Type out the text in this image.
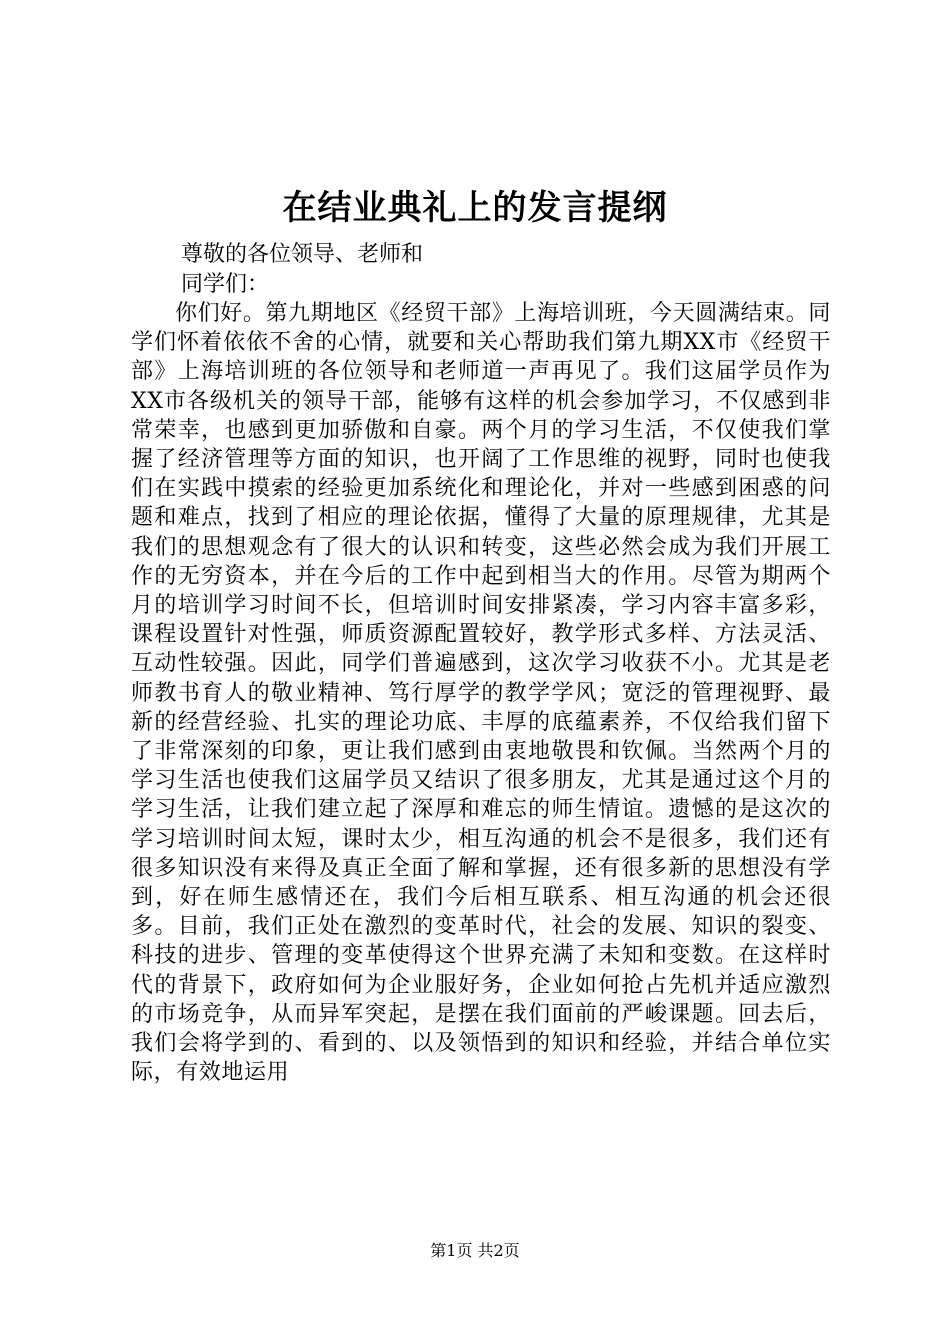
在结业典礼上的发言提纲

尊敬的各位领导、老师和

同学们：

你们好。第九期地区《经贸干部》上海培训班，今天圆满结束。同学们怀着依依不舍的心情，就要和关心帮助我们第九期XX市《经贸干部》上海培训班的各位领导和老师道一声再见了。我们这届学员作为XX市各级机关的领导干部，能够有这样的机会参加学习，不仅感到非常荣幸，也感到更加骄傲和自豪。两个月的学习生活，不仅使我们掌握了经济管理等方面的知识，也开阔了工作思维的视野，同时也使我们在实践中摸索的经验更加系统化和理论化，并对一些感到困惑的问题和难点，找到了相应的理论依据，懂得了大量的原理规律，尤其是我们的思想观念有了很大的认识和转变，这些必然会成为我们开展工作的无穷资本，并在今后的工作中起到相当大的作用。尽管为期两个月的培训学习时间不长，但培训时间安排紧凑，学习内容丰富多彩，课程设置针对性强，师质资源配置较好，教学形式多样、方法灵活、互动性较强。因此，同学们普遍感到，这次学习收获不小。尤其是老师教书育人的敬业精神、笃行厚学的教学学风；宽泛的管理视野、最新的经营经验、扎实的理论功底、丰厚的底蕴素养，不仅给我们留下了非常深刻的印象，更让我们感到由衷地敬畏和钦佩。当然两个月的学习生活也使我们这届学员又结识了很多朋友，尤其是通过这个月的学习生活，让我们建立起了深厚和难忘的师生情谊。遗憾的是这次的学习培训时间太短，课时太少，相互沟通的机会不是很多，我们还有很多知识没有来得及真正全面了解和掌握，还有很多新的思想没有学到，好在师生感情还在，我们今后相互联系、相互沟通的机会还很多。目前，我们正处在激烈的变革时代，社会的发展、知识的裂变、科技的进步、管理的变革使得这个世界充满了未知和变数。在这样时代的背景下，政府如何为企业服好务，企业如何抢占先机并适应激烈的市场竞争，从而异军突起，是摆在我们面前的严峻课题。回去后，我们会将学到的、看到的、以及领悟到的知识和经验，并结合单位实际，有效地运用

第1页 共2页
